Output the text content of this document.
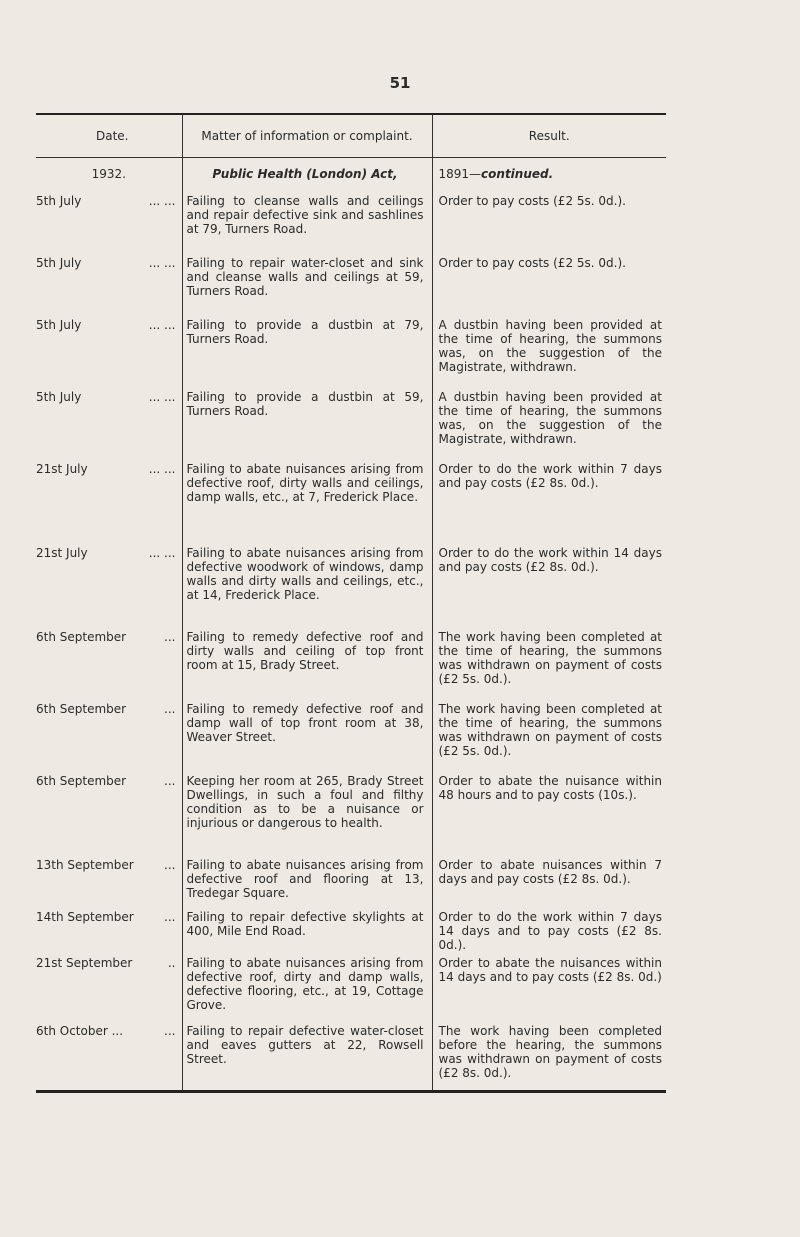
51
Date.	Matter of information or complaint.	Result.

1932.	Public Health (London) Act,	1891—continued.

5th July ... ...	Failing to cleanse walls and ceilings and repair defective sink and sashlines at 79, Turners Road.	Order to pay costs (£2 5s. 0d.).

5th July ... ...	Failing to repair water-closet and sink and cleanse walls and ceilings at 59, Turners Road.	Order to pay costs (£2 5s. 0d.).

5th July ... ...	Failing to provide a dustbin at 79, Turners Road.	A dustbin having been provided at the time of hearing, the summons was, on the suggestion of the Magistrate, withdrawn.

5th July ... ...	Failing to provide a dustbin at 59, Turners Road.	A dustbin having been provided at the time of hearing, the summons was, on the suggestion of the Magistrate, withdrawn.

21st July ... ...	Failing to abate nuisances arising from defective roof, dirty walls and ceilings, damp walls, etc., at 7, Frederick Place.	Order to do the work within 7 days and pay costs (£2 8s. 0d.).

21st July ... ...	Failing to abate nuisances arising from defective woodwork of windows, damp walls and dirty walls and ceilings, etc., at 14, Frederick Place.	Order to do the work within 14 days and pay costs (£2 8s. 0d.).

6th September ...	Failing to remedy defective roof and dirty walls and ceiling of top front room at 15, Brady Street.	The work having been completed at the time of hearing, the summons was withdrawn on payment of costs (£2 5s. 0d.).

6th September ...	Failing to remedy defective roof and damp wall of top front room at 38, Weaver Street.	The work having been completed at the time of hearing, the summons was withdrawn on payment of costs (£2 5s. 0d.).

6th September ...	Keeping her room at 265, Brady Street Dwellings, in such a foul and filthy condition as to be a nuisance or injurious or dangerous to health.	Order to abate the nuisance within 48 hours and to pay costs (10s.).

13th September ...	Failing to abate nuisances arising from defective roof and flooring at 13, Tredegar Square.	Order to abate nuisances within 7 days and pay costs (£2 8s. 0d.).

14th September ...	Failing to repair defective skylights at 400, Mile End Road.	Order to do the work within 7 days 14 days and to pay costs (£2 8s. 0d.).

21st September ..	Failing to abate nuisances arising from defective roof, dirty and damp walls, defective flooring, etc., at 19, Cottage Grove.	Order to abate the nuisances within 14 days and to pay costs (£2 8s. 0d.)

6th October ... ...	Failing to repair defective water-closet and eaves gutters at 22, Rowsell Street.	The work having been completed before the hearing, the summons was withdrawn on payment of costs (£2 8s. 0d.).
